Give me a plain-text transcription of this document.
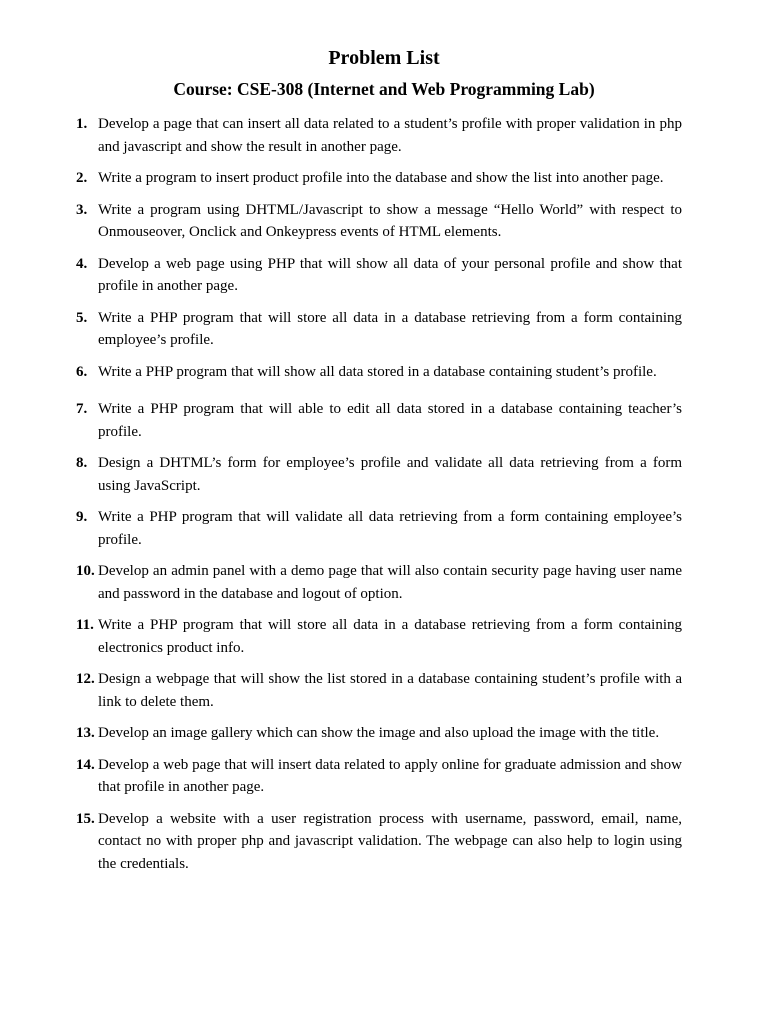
Problem List
Course: CSE-308 (Internet and Web Programming Lab)
1. Develop a page that can insert all data related to a student’s profile with proper validation in php and javascript and show the result in another page.
2. Write a program to insert product profile into the database and show the list into another page.
3. Write a program using DHTML/Javascript to show a message “Hello World” with respect to Onmouseover, Onclick and Onkeypress events of HTML elements.
4. Develop a web page using PHP that will show all data of your personal profile and show that profile in another page.
5. Write a PHP program that will store all data in a database retrieving from a form containing employee’s profile.
6. Write a PHP program that will show all data stored in a database containing student’s profile.
7. Write a PHP program that will able to edit all data stored in a database containing teacher’s profile.
8. Design a DHTML’s form for employee’s profile and validate all data retrieving from a form using JavaScript.
9. Write a PHP program that will validate all data retrieving from a form containing employee’s profile.
10. Develop an admin panel with a demo page that will also contain security page having user name and password in the database and logout of option.
11. Write a PHP program that will store all data in a database retrieving from a form containing electronics product info.
12. Design a webpage that will show the list stored in a database containing student’s profile with a link to delete them.
13. Develop an image gallery which can show the image and also upload the image with the title.
14. Develop a web page that will insert data related to apply online for graduate admission and show that profile in another page.
15. Develop a website with a user registration process with username, password, email, name, contact no with proper php and javascript validation. The webpage can also help to login using the credentials.
